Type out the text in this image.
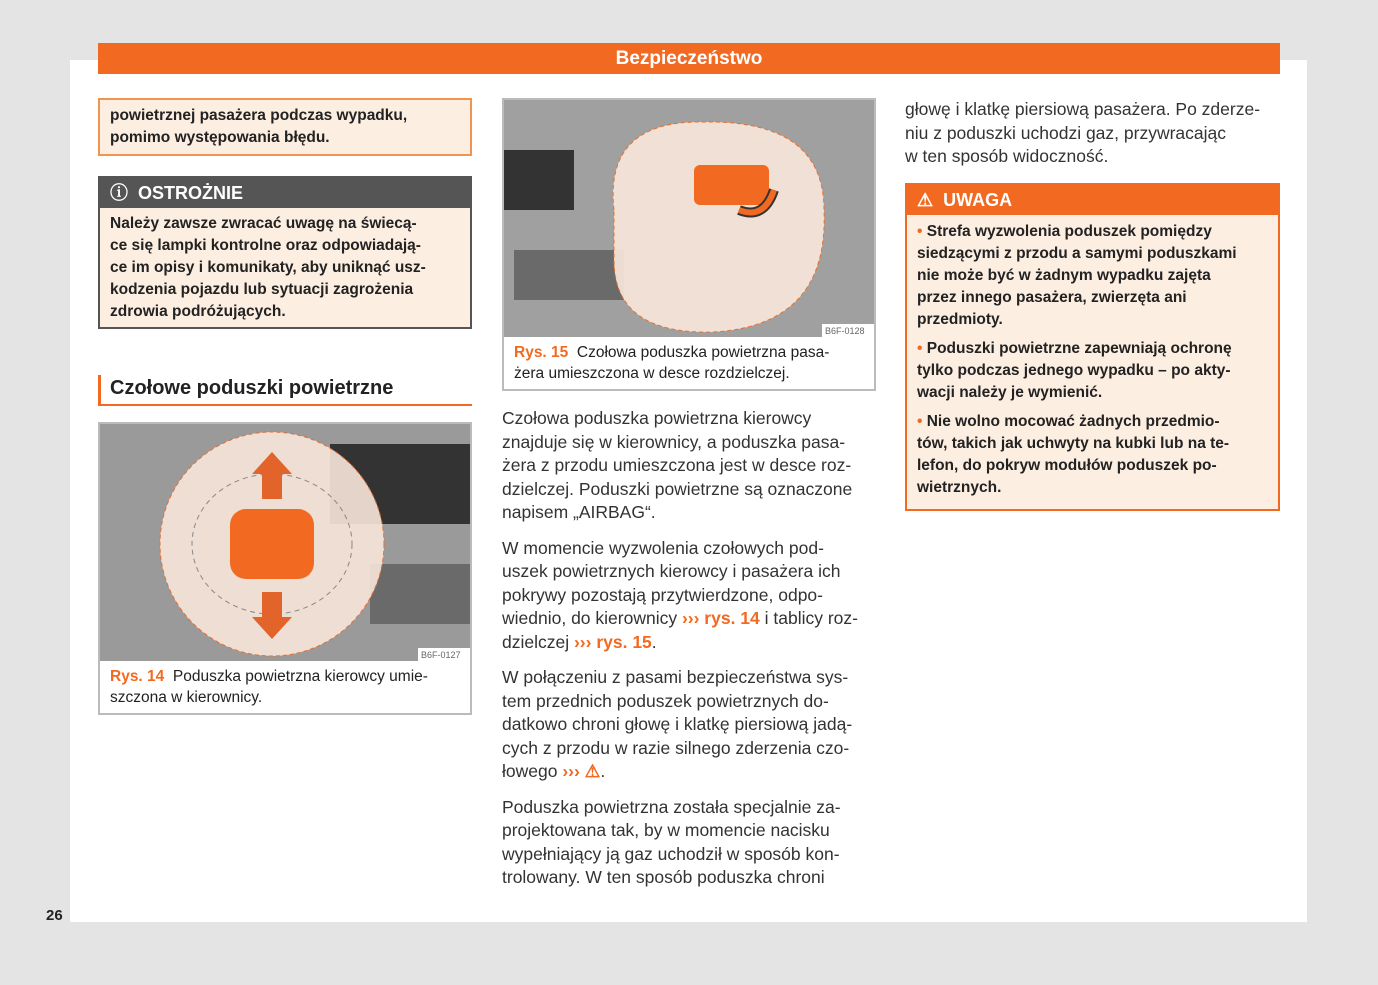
Bezpieczeństwo
26
powietrznej pasażera podczas wypadku,
pomimo występowania błędu.
ⓘ OSTROŻNIE
Należy zawsze zwracać uwagę na świecą-
ce się lampki kontrolne oraz odpowiadają-
ce im opisy i komunikaty, aby uniknąć usz-
kodzenia pojazdu lub sytuacji zagrożenia
zdrowia podróżujących.
Czołowe poduszki powietrzne
B6F-0127
Rys. 14 Poduszka powietrzna kierowcy umie-
szczona w kierownicy.
B6F-0128
Rys. 15 Czołowa poduszka powietrzna pasa-
żera umieszczona w desce rozdzielczej.
Czołowa poduszka powietrzna kierowcy
znajduje się w kierownicy, a poduszka pasa-
żera z przodu umieszczona jest w desce roz-
dzielczej. Poduszki powietrzne są oznaczone
napisem „AIRBAG“.
W momencie wyzwolenia czołowych pod-
uszek powietrznych kierowcy i pasażera ich
pokrywy pozostają przytwierdzone, odpo-
wiednio, do kierownicy ››› rys. 14 i tablicy roz-
dzielczej ››› rys. 15.
W połączeniu z pasami bezpieczeństwa sys-
tem przednich poduszek powietrznych do-
datkowo chroni głowę i klatkę piersiową jadą-
cych z przodu w razie silnego zderzenia czo-
łowego ››› ⚠.
Poduszka powietrzna została specjalnie za-
projektowana tak, by w momencie nacisku
wypełniający ją gaz uchodził w sposób kon-
trolowany. W ten sposób poduszka chroni
głowę i klatkę piersiową pasażera. Po zderze-
niu z poduszki uchodzi gaz, przywracając
w ten sposób widoczność.
⚠ UWAGA
• Strefa wyzwolenia poduszek pomiędzy
siedzącymi z przodu a samymi poduszkami
nie może być w żadnym wypadku zajęta
przez innego pasażera, zwierzęta ani
przedmioty.
• Poduszki powietrzne zapewniają ochronę
tylko podczas jednego wypadku – po akty-
wacji należy je wymienić.
• Nie wolno mocować żadnych przedmio-
tów, takich jak uchwyty na kubki lub na te-
lefon, do pokryw modułów poduszek po-
wietrznych.
